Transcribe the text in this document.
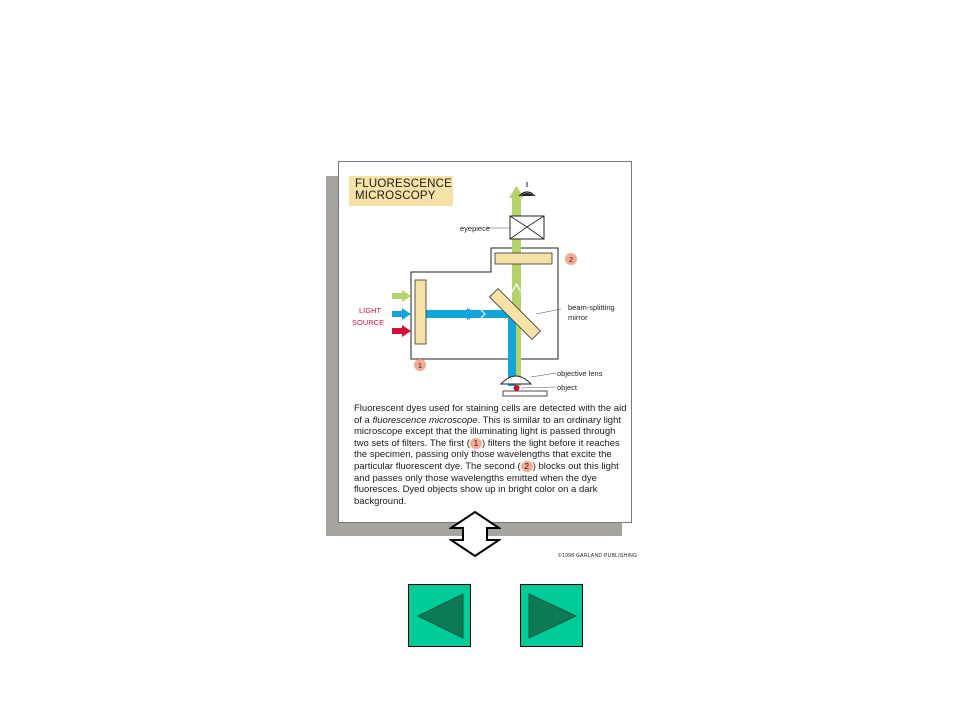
FLUORESCENCE
MICROSCOPY
eyepiece
beam-splitting
mirror
objective lens
object
LIGHT
SOURCE
1
2

Fluorescent dyes used for staining cells are detected with the aid of a fluorescence microscope. This is similar to an ordinary light microscope except that the illuminating light is passed through two sets of filters. The first ( 1 ) filters the light before it reaches the specimen, passing only those wavelengths that excite the particular fluorescent dye. The second ( 2 ) blocks out this light and passes only those wavelengths emitted when the dye fluoresces. Dyed objects show up in bright color on a dark background.

©1998 GARLAND PUBLISHING
